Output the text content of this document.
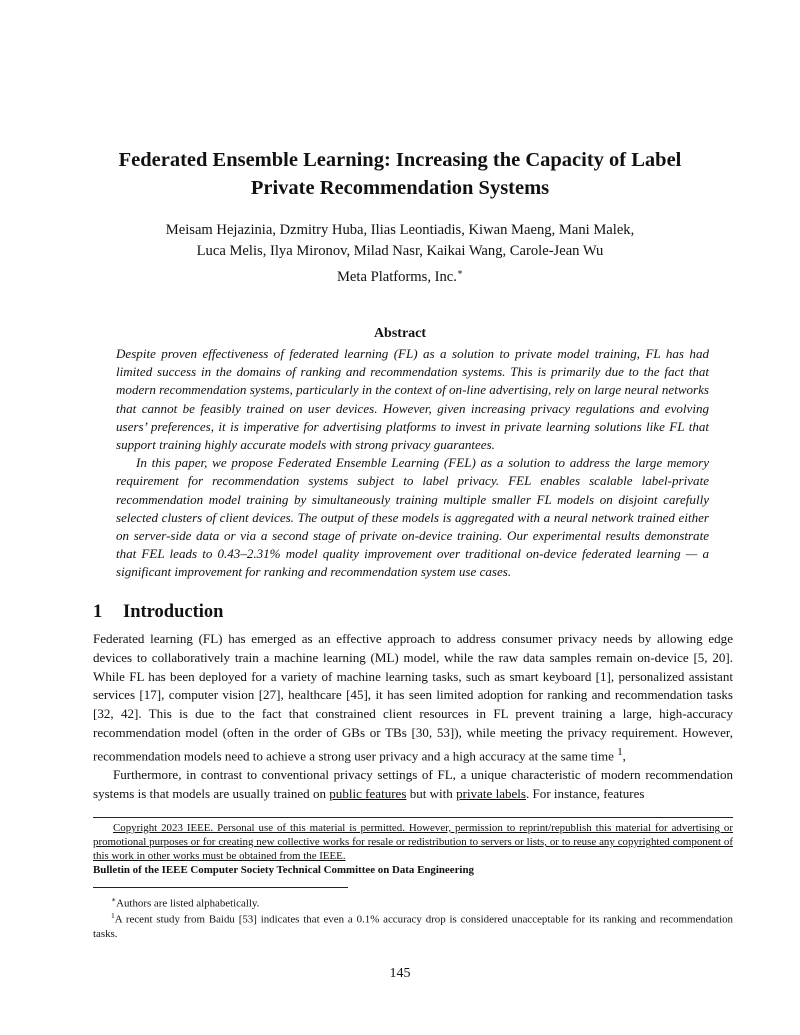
Federated Ensemble Learning: Increasing the Capacity of Label
Private Recommendation Systems
Meisam Hejazinia, Dzmitry Huba, Ilias Leontiadis, Kiwan Maeng, Mani Malek,
Luca Melis, Ilya Mironov, Milad Nasr, Kaikai Wang, Carole-Jean Wu
Meta Platforms, Inc.∗
Abstract

Despite proven effectiveness of federated learning (FL) as a solution to private model training, FL has had limited success in the domains of ranking and recommendation systems. This is primarily due to the fact that modern recommendation systems, particularly in the context of on-line advertising, rely on large neural networks that cannot be feasibly trained on user devices. However, given increasing privacy regulations and evolving users’ preferences, it is imperative for advertising platforms to invest in private learning solutions like FL that support training highly accurate models with strong privacy guarantees.

In this paper, we propose Federated Ensemble Learning (FEL) as a solution to address the large memory requirement for recommendation systems subject to label privacy. FEL enables scalable label-private recommendation model training by simultaneously training multiple smaller FL models on disjoint carefully selected clusters of client devices. The output of these models is aggregated with a neural network trained either on server-side data or via a second stage of private on-device training. Our experimental results demonstrate that FEL leads to 0.43–2.31% model quality improvement over traditional on-device federated learning — a significant improvement for ranking and recommendation system use cases.

1 Introduction

Federated learning (FL) has emerged as an effective approach to address consumer privacy needs by allowing edge devices to collaboratively train a machine learning (ML) model, while the raw data samples remain on-device [5, 20]. While FL has been deployed for a variety of machine learning tasks, such as smart keyboard [1], personalized assistant services [17], computer vision [27], healthcare [45], it has seen limited adoption for ranking and recommendation tasks [32, 42]. This is due to the fact that constrained client resources in FL prevent training a large, high-accuracy recommendation model (often in the order of GBs or TBs [30, 53]), while meeting the privacy requirement. However, recommendation models need to achieve a strong user privacy and a high accuracy at the same time $^1$,

Furthermore, in contrast to conventional privacy settings of FL, a unique characteristic of modern recommendation systems is that models are usually trained on public features but with private labels. For instance, features

Copyright 2023 IEEE. Personal use of this material is permitted. However, permission to reprint/republish this material for advertising or promotional purposes or for creating new collective works for resale or redistribution to servers or lists, or to reuse any copyrighted component of this work in other works must be obtained from the IEEE.
Bulletin of the IEEE Computer Society Technical Committee on Data Engineering
∗Authors are listed alphabetically.
$^1$A recent study from Baidu [53] indicates that even a 0.1% accuracy drop is considered unacceptable for its ranking and recommendation tasks.
145
